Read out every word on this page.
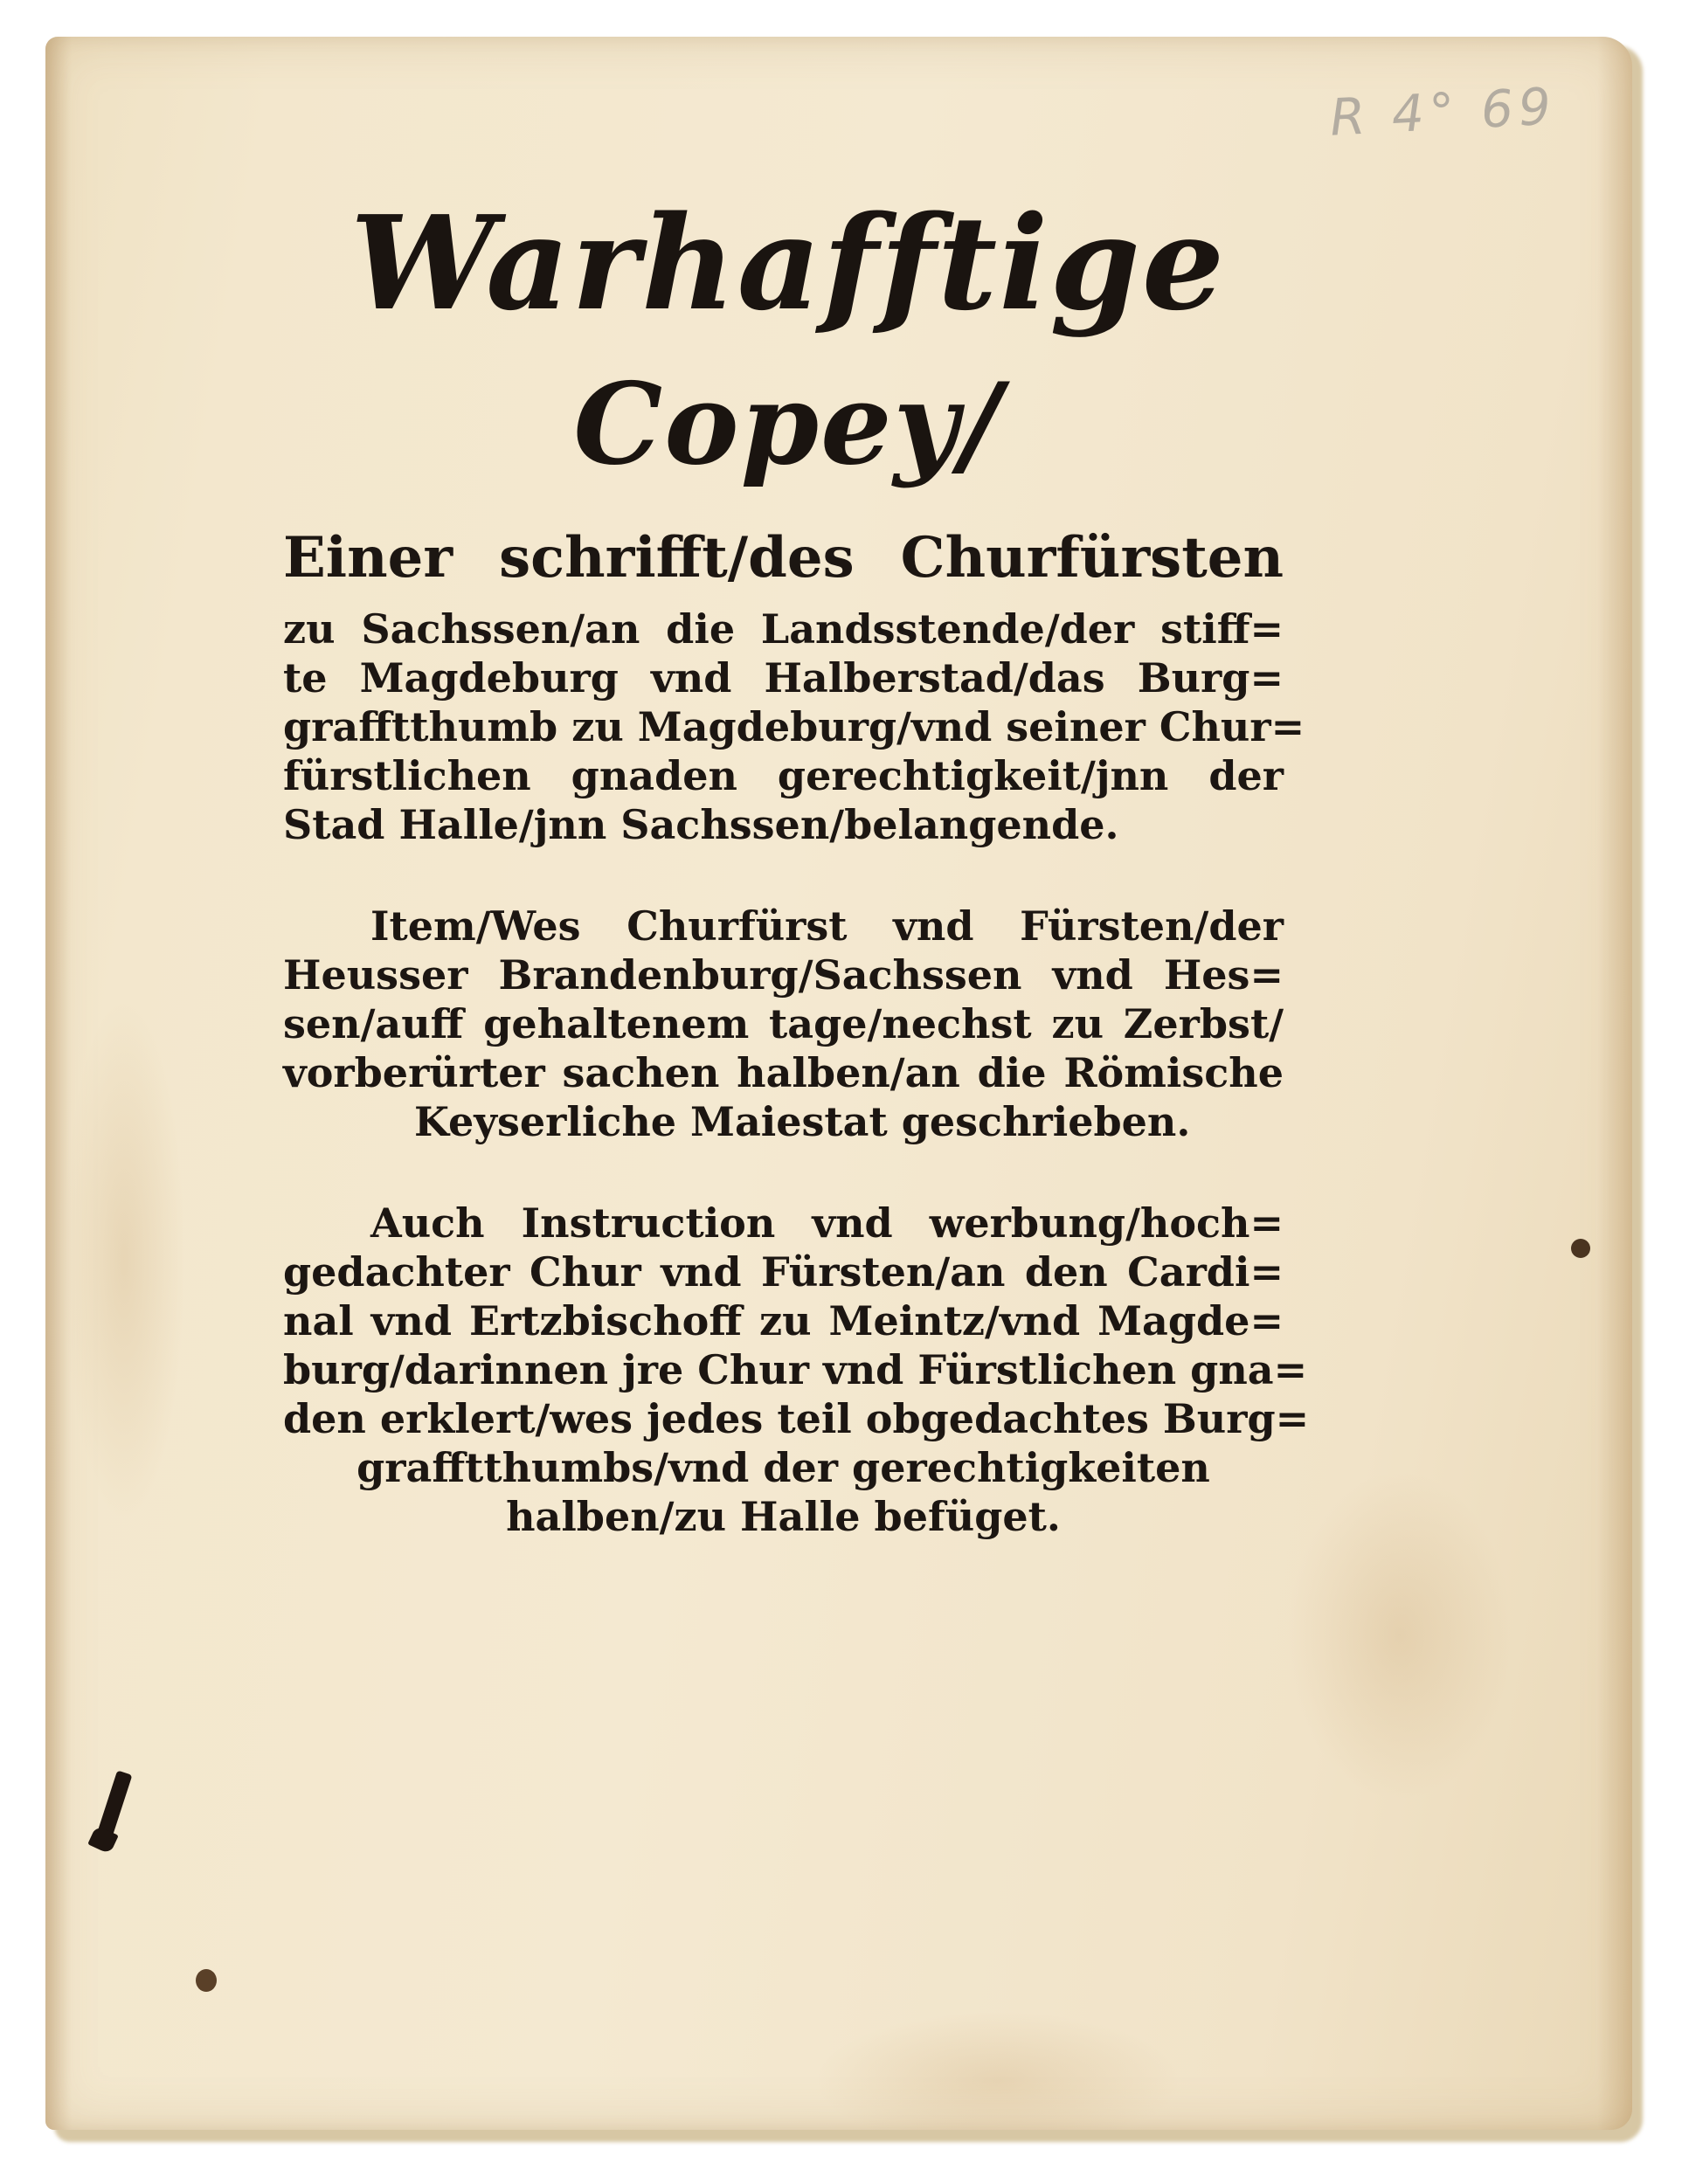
R 4° 69
Warhafftige
Copey/
Einer schrifft/des Churfürsten
zu Sachssen/an die Landsstende/der stiff=
te Magdeburg vnd Halberstad/das Burg=
grafftthumb zu Magdeburg/vnd seiner Chur=
fürstlichen gnaden gerechtigkeit/jnn der
Stad Halle/jnn Sachssen/belangende.
Item/Wes Churfürst vnd Fürsten/der
Heusser Brandenburg/Sachssen vnd Hes=
sen/auff gehaltenem tage/nechst zu Zerbst/
vorberürter sachen halben/an die Römische
Keyserliche Maiestat geschrieben.
Auch Instruction vnd werbung/hoch=
gedachter Chur vnd Fürsten/an den Cardi=
nal vnd Ertzbischoff zu Meintz/vnd Magde=
burg/darinnen jre Chur vnd Fürstlichen gna=
den erklert/wes jedes teil obgedachtes Burg=
grafftthumbs/vnd der gerechtigkeiten
halben/zu Halle befüget.
